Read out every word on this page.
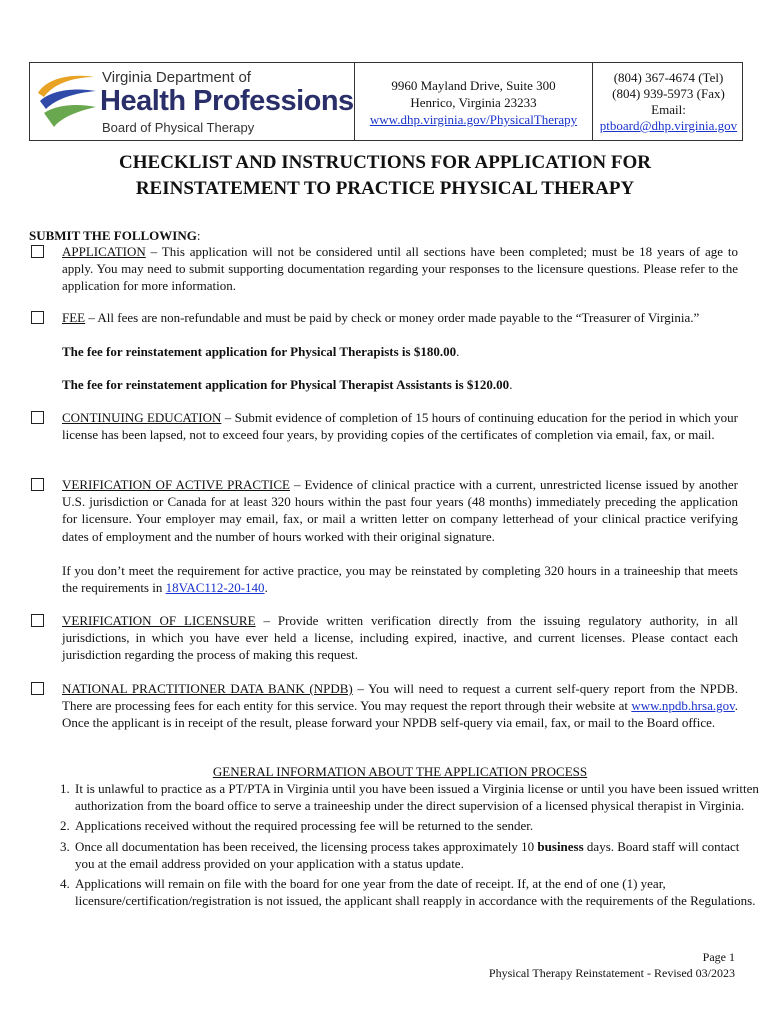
Virginia Department of
Health Professions
Board of Physical Therapy
9960 Mayland Drive, Suite 300
Henrico, Virginia 23233
www.dhp.virginia.gov/PhysicalTherapy
(804) 367-4674 (Tel)
(804) 939-5973 (Fax)
Email:
ptboard@dhp.virginia.gov
CHECKLIST AND INSTRUCTIONS FOR APPLICATION FOR
REINSTATEMENT TO PRACTICE PHYSICAL THERAPY
SUBMIT THE FOLLOWING:
APPLICATION – This application will not be considered until all sections have been completed; must be 18 years of age to apply. You may need to submit supporting documentation regarding your responses to the licensure questions. Please refer to the application for more information.
FEE – All fees are non-refundable and must be paid by check or money order made payable to the “Treasurer of Virginia.”
The fee for reinstatement application for Physical Therapists is $180.00.
The fee for reinstatement application for Physical Therapist Assistants is $120.00.
CONTINUING EDUCATION – Submit evidence of completion of 15 hours of continuing education for the period in which your license has been lapsed, not to exceed four years, by providing copies of the certificates of completion via email, fax, or mail.
VERIFICATION OF ACTIVE PRACTICE – Evidence of clinical practice with a current, unrestricted license issued by another U.S. jurisdiction or Canada for at least 320 hours within the past four years (48 months) immediately preceding the application for licensure. Your employer may email, fax, or mail a written letter on company letterhead of your clinical practice verifying dates of employment and the number of hours worked with their original signature.
If you don’t meet the requirement for active practice, you may be reinstated by completing 320 hours in a traineeship that meets the requirements in 18VAC112-20-140.
VERIFICATION OF LICENSURE – Provide written verification directly from the issuing regulatory authority, in all jurisdictions, in which you have ever held a license, including expired, inactive, and current licenses. Please contact each jurisdiction regarding the process of making this request.
NATIONAL PRACTITIONER DATA BANK (NPDB) – You will need to request a current self-query report from the NPDB. There are processing fees for each entity for this service. You may request the report through their website at www.npdb.hrsa.gov. Once the applicant is in receipt of the result, please forward your NPDB self-query via email, fax, or mail to the Board office.
GENERAL INFORMATION ABOUT THE APPLICATION PROCESS
1. It is unlawful to practice as a PT/PTA in Virginia until you have been issued a Virginia license or until you have been issued written authorization from the board office to serve a traineeship under the direct supervision of a licensed physical therapist in Virginia.
2. Applications received without the required processing fee will be returned to the sender.
3. Once all documentation has been received, the licensing process takes approximately 10 business days. Board staff will contact you at the email address provided on your application with a status update.
4. Applications will remain on file with the board for one year from the date of receipt. If, at the end of one (1) year, licensure/certification/registration is not issued, the applicant shall reapply in accordance with the requirements of the Regulations.
Page 1
Physical Therapy Reinstatement - Revised 03/2023
